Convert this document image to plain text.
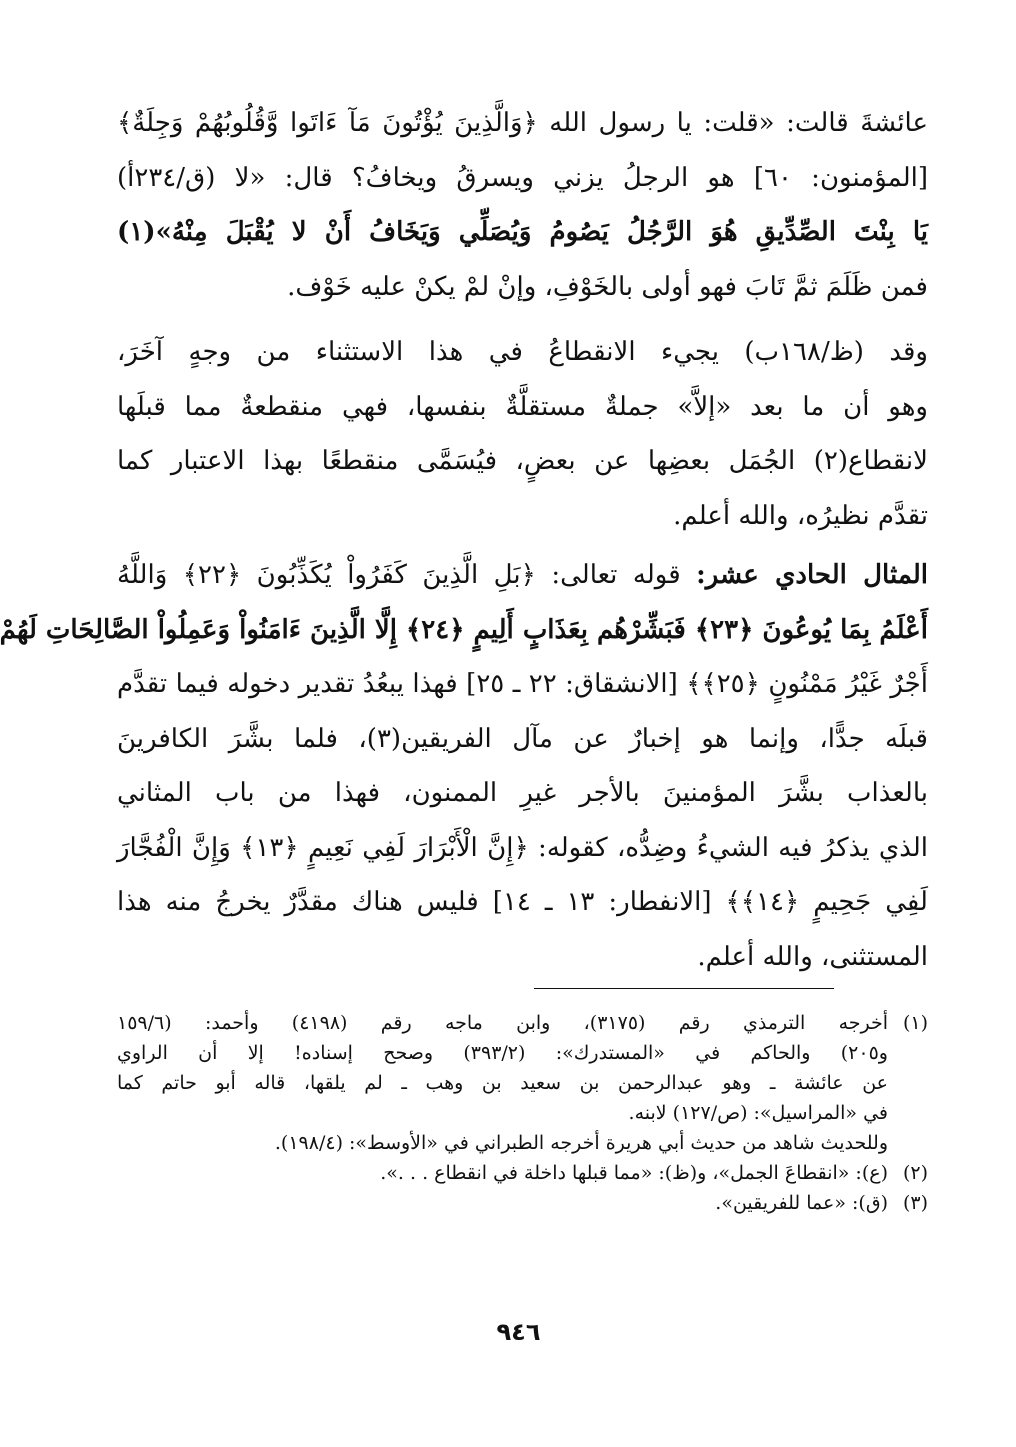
عائشةَ قالت: «قلت: يا رسول الله ﴿وَالَّذِينَ يُؤْتُونَ مَآ ءَاتَوا وَّقُلُوبُهُمْ وَجِلَةٌ﴾
[المؤمنون: ٦٠] هو الرجلُ يزني ويسرقُ ويخافُ؟ قال: «لا (ق/٢٣٤أ)
يَا بِنْتَ الصِّدِّيقِ هُوَ الرَّجُلُ يَصُومُ وَيُصَلِّي وَيَخَافُ أَنْ لا يُقْبَلَ مِنْهُ»(١)
فمن ظَلَمَ ثمَّ تَابَ فهو أولى بالخَوْفِ، وإنْ لمْ يكنْ عليه خَوْف.
وقد (ظ/١٦٨ب) يجيء الانقطاعُ في هذا الاستثناء من وجهٍ آخَرَ،
وهو أن ما بعد «إلاَّ» جملةٌ مستقلَّةٌ بنفسها، فهي منقطعةٌ مما قبلَها
لانقطاع(٢) الجُمَل بعضِها عن بعضٍ، فيُسَمَّى منقطعًا بهذا الاعتبار كما
تقدَّم نظيرُه، والله أعلم.
المثال الحادي عشر: قوله تعالى: ﴿بَلِ الَّذِينَ كَفَرُواْ يُكَذِّبُونَ ﴿٢٢﴾ وَاللَّهُ
أَعْلَمُ بِمَا يُوعُونَ ﴿٢٣﴾ فَبَشِّرْهُم بِعَذَابٍ أَلِيمٍ ﴿٢٤﴾ إِلَّا الَّذِينَ ءَامَنُواْ وَعَمِلُواْ الصَّالِحَاتِ لَهُمْ
أَجْرٌ غَيْرُ مَمْنُونٍ ﴿٢٥﴾﴾ [الانشقاق: ٢٢ ـ ٢٥] فهذا يبعُدُ تقدير دخوله فيما تقدَّم
قبلَه جدًّا، وإنما هو إخبارٌ عن مآل الفريقين(٣)، فلما بشَّرَ الكافرينَ
بالعذاب بشَّرَ المؤمنينَ بالأجر غيرِ الممنون، فهذا من باب المثاني
الذي يذكرُ فيه الشيءُ وضِدُّه، كقوله: ﴿إِنَّ الْأَبْرَارَ لَفِي نَعِيمٍ ﴿١٣﴾ وَإِنَّ الْفُجَّارَ
لَفِي جَحِيمٍ ﴿١٤﴾﴾ [الانفطار: ١٣ ـ ١٤] فليس هناك مقدَّرٌ يخرجُ منه هذا
المستثنى، والله أعلم.
(١)
أخرجه الترمذي رقم (٣١٧٥)، وابن ماجه رقم (٤١٩٨) وأحمد: (١٥٩/٦
و٢٠٥) والحاكم في «المستدرك»: (٣٩٣/٢) وصحح إسناده! إلا أن الراوي
عن عائشة ـ وهو عبدالرحمن بن سعيد بن وهب ـ لم يلقها، قاله أبو حاتم كما
في «المراسيل»: (ص/١٢٧) لابنه.
وللحديث شاهد من حديث أبي هريرة أخرجه الطبراني في «الأوسط»: (١٩٨/٤).
(٢)
(ع): «انقطاعَ الجمل»، و(ظ): «مما قبلها داخلة في انقطاع . . .».
(٣)
(ق): «عما للفريقين».
٩٤٦
